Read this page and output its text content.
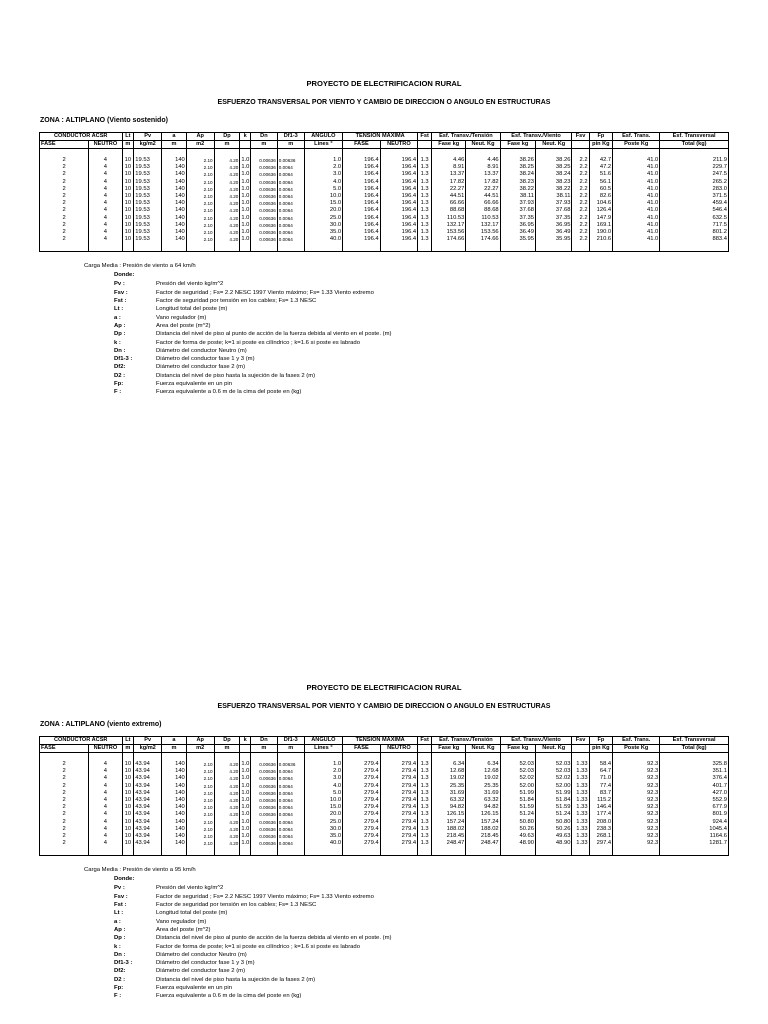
PROYECTO DE ELECTRIFICACION RURAL
ESFUERZO TRANSVERSAL POR VIENTO Y CAMBIO DE DIRECCION O ANGULO EN ESTRUCTURAS
ZONA : ALTIPLANO (Viento sostenido)
CONDUCTOR ACSR		Lt	Pv	a	Ap	Dp	k	Dn	Df1-3	ANGULO	TENSION MAXIMA		Fst	Esf. Transv./Tensión		Esf. Transv./Viento		Fsv	Fp	Esf. Trans.	Esf. Transversal
FASE	NEUTRO	m	kg/m2	m	m2	m		m	m	Lines °	FASE	NEUTRO		Fase kg	Neut. Kg	Fase kg	Neut. Kg		pin Kg	Poste Kg	Total (kg)

2	4	10	19.53	140	2.10	4.20	1.0	0.00636	0.00636	1.0	196.4	196.4	1.3	4.46	4.46	38.26	38.26	2.2	42.7	41.0	211.9
2	4	10	19.53	140	2.10	4.20	1.0	0.00636	0.0064	2.0	196.4	196.4	1.3	8.91	8.91	38.25	38.25	2.2	47.2	41.0	229.7
2	4	10	19.53	140	2.10	4.20	1.0	0.00636	0.0064	3.0	196.4	196.4	1.3	13.37	13.37	38.24	38.24	2.2	51.6	41.0	247.5
2	4	10	19.53	140	2.10	4.20	1.0	0.00636	0.0064	4.0	196.4	196.4	1.3	17.82	17.82	38.23	38.23	2.2	56.1	41.0	265.2
2	4	10	19.53	140	2.10	4.20	1.0	0.00636	0.0064	5.0	196.4	196.4	1.3	22.27	22.27	38.22	38.22	2.2	60.5	41.0	283.0
2	4	10	19.53	140	2.10	4.20	1.0	0.00636	0.0064	10.0	196.4	196.4	1.3	44.51	44.51	38.11	38.11	2.2	82.6	41.0	371.5
2	4	10	19.53	140	2.10	4.20	1.0	0.00636	0.0064	15.0	196.4	196.4	1.3	66.66	66.66	37.93	37.93	2.2	104.6	41.0	459.4
2	4	10	19.53	140	2.10	4.20	1.0	0.00636	0.0064	20.0	196.4	196.4	1.3	88.68	88.68	37.68	37.68	2.2	126.4	41.0	546.4
2	4	10	19.53	140	2.10	4.20	1.0	0.00636	0.0064	25.0	196.4	196.4	1.3	110.53	110.53	37.35	37.35	2.2	147.9	41.0	632.5
2	4	10	19.53	140	2.10	4.20	1.0	0.00636	0.0064	30.0	196.4	196.4	1.3	132.17	132.17	36.95	36.95	2.2	169.1	41.0	717.5
2	4	10	19.53	140	2.10	4.20	1.0	0.00636	0.0064	35.0	196.4	196.4	1.3	153.56	153.56	36.49	36.49	2.2	190.0	41.0	801.2
2	4	10	19.53	140	2.10	4.20	1.0	0.00636	0.0064	40.0	196.4	196.4	1.3	174.66	174.66	35.95	35.95	2.2	210.6	41.0	883.4

Carga Media : Presión de viento a 64 km/h
Donde:
Pv :	Presión del viento kg/m^2
Fsv :	Factor de seguridad ; Fs= 2.2 NESC 1997 Viento máximo; Fs= 1.33 Viento extremo
Fst :	Factor de seguridad por tensión en los cables; Fs= 1.3 NESC
Lt :	Longitud total del poste (m)
a :	Vano regulador (m)
Ap :	Area del poste (m^2)
Dp :	Distancia del nivel de piso al punto de acción de la fuerza debida al viento en el poste. (m)
k :	Factor de forma de poste; k=1 si poste es cilíndrico ; k=1.6 si poste es labrado
Dn :	Diámetro del conductor Neutro (m)
Df1-3 :	Diámetro del conductor fase 1 y 3 (m)
Df2:	Diámetro del conductor fase 2 (m)
D2 :	Distancia del nivel de piso hasta la sujeción de la fases 2 (m)
Fp:	Fuerza equivalente en un pin
F :	Fuerza equivalente a 0.6 m de la cima del poste en (kg)
PROYECTO DE ELECTRIFICACION RURAL
ESFUERZO TRANSVERSAL POR VIENTO Y CAMBIO DE DIRECCION O ANGULO EN ESTRUCTURAS
ZONA : ALTIPLANO (viento extremo)
CONDUCTOR ACSR		Lt	Pv	a	Ap	Dp	k	Dn	Df1-3	ANGULO	TENSION MAXIMA		Fst	Esf. Transv./Tensión		Esf. Transv./Viento		Fsv	Fp	Esf. Trans.	Esf. Transversal
FASE	NEUTRO	m	kg/m2	m	m2	m		m	m	Lines °	FASE	NEUTRO		Fase kg	Neut. Kg	Fase kg	Neut. Kg		pin Kg	Poste Kg	Total (kg)

2	4	10	43.94	140	2.10	4.20	1.0	0.00636	0.00636	1.0	279.4	279.4	1.3	6.34	6.34	52.03	52.03	1.33	58.4	92.3	325.8
2	4	10	43.94	140	2.10	4.20	1.0	0.00636	0.0064	2.0	279.4	279.4	1.3	12.68	12.68	52.03	52.03	1.33	64.7	92.3	351.1
2	4	10	43.94	140	2.10	4.20	1.0	0.00636	0.0064	3.0	279.4	279.4	1.3	19.02	19.02	52.02	52.02	1.33	71.0	92.3	376.4
2	4	10	43.94	140	2.10	4.20	1.0	0.00636	0.0064	4.0	279.4	279.4	1.3	25.35	25.35	52.00	52.00	1.33	77.4	92.3	401.7
2	4	10	43.94	140	2.10	4.20	1.0	0.00636	0.0064	5.0	279.4	279.4	1.3	31.69	31.69	51.99	51.99	1.33	83.7	92.3	427.0
2	4	10	43.94	140	2.10	4.20	1.0	0.00636	0.0064	10.0	279.4	279.4	1.3	63.32	63.32	51.84	51.84	1.33	115.2	92.3	552.9
2	4	10	43.94	140	2.10	4.20	1.0	0.00636	0.0064	15.0	279.4	279.4	1.3	94.82	94.82	51.59	51.59	1.33	146.4	92.3	677.9
2	4	10	43.94	140	2.10	4.20	1.0	0.00636	0.0064	20.0	279.4	279.4	1.3	126.15	126.15	51.24	51.24	1.33	177.4	92.3	801.9
2	4	10	43.94	140	2.10	4.20	1.0	0.00636	0.0064	25.0	279.4	279.4	1.3	157.24	157.24	50.80	50.80	1.33	208.0	92.3	924.4
2	4	10	43.94	140	2.10	4.20	1.0	0.00636	0.0064	30.0	279.4	279.4	1.3	188.02	188.02	50.26	50.26	1.33	238.3	92.3	1045.4
2	4	10	43.94	140	2.10	4.20	1.0	0.00636	0.0064	35.0	279.4	279.4	1.3	218.45	218.45	49.63	49.63	1.33	268.1	92.3	1164.6
2	4	10	43.94	140	2.10	4.20	1.0	0.00636	0.0064	40.0	279.4	279.4	1.3	248.47	248.47	48.90	48.90	1.33	297.4	92.3	1281.7

Carga Media : Presión de viento a 95 km/h
Donde:
Pv :	Presión del viento kg/m^2
Fsv :	Factor de seguridad ; Fs= 2.2 NESC 1997 Viento máximo; Fs= 1.33 Viento extremo
Fst :	Factor de seguridad por tensión en los cables; Fs= 1.3 NESC
Lt :	Longitud total del poste (m)
a :	Vano regulador (m)
Ap :	Area del poste (m^2)
Dp :	Distancia del nivel de piso al punto de acción de la fuerza debida al viento en el poste. (m)
k :	Factor de forma de poste; k=1 si poste es cilíndrico ; k=1.6 si poste es labrado
Dn :	Diámetro del conductor Neutro (m)
Df1-3 :	Diámetro del conductor fase 1 y 3 (m)
Df2:	Diámetro del conductor fase 2 (m)
D2 :	Distancia del nivel de piso hasta la sujeción de la fases 2 (m)
Fp:	Fuerza equivalente en un pin
F :	Fuerza equivalente a 0.6 m de la cima del poste en (kg)
